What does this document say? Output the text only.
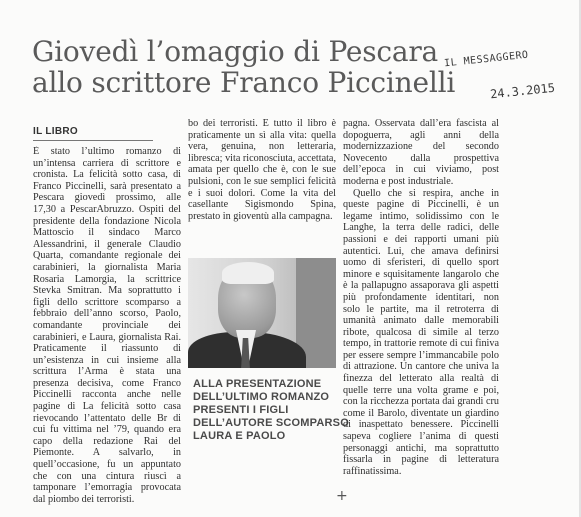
Giovedì l’omaggio di Pescara
allo scrittore Franco Piccinelli
IL MESSAGGERO
24.3.2015
IL LIBRO
È stato l’ultimo romanzo di un’intensa carriera di scrittore e cronista. La felicità sotto casa, di Franco Piccinelli, sarà presentato a Pescara giovedì prossimo, alle 17,30 a PescarAbruzzo. Ospiti del presidente della fondazione Nicola Mattoscio il sindaco Marco Alessandrini, il generale Claudio Quarta, comandante regionale dei carabinieri, la giornalista Maria Rosaria Lamorgia, la scrittrice Stevka Smitran. Ma soprattutto i figli dello scrittore scomparso a febbraio dell’anno scorso, Paolo, comandante provinciale dei carabinieri, e Laura, giornalista Rai. Praticamente il riassunto di un’esistenza in cui insieme alla scrittura l’Arma è stata una presenza decisiva, come Franco Piccinelli racconta anche nelle pagine di La felicità sotto casa rievocando l’attentato delle Br di cui fu vittima nel ’79, quando era capo della redazione Rai del Piemonte. A salvarlo, in quell’occasione, fu un appuntato che con una cintura riuscì a tamponare l’emorragia provocata dal piombo dei terroristi.
bo dei terroristi. E tutto il libro è praticamente un sì alla vita: quella vera, genuina, non letteraria, libresca; vita riconosciuta, accettata, amata per quello che è, con le sue pulsioni, con le sue semplici felicità e i suoi dolori. Come la vita del casellante Sigismondo Spina, prestato in gioventù alla campagna.
ALLA PRESENTAZIONE
DELL’ULTIMO ROMANZO
PRESENTI I FIGLI
DELL’AUTORE SCOMPARSO
LAURA E PAOLO
pagna. Osservata dall’era fascista al dopoguerra, agli anni della modernizzazione del secondo Novecento dalla prospettiva dell’epoca in cui viviamo, post moderna e post industriale.
Quello che si respira, anche in queste pagine di Piccinelli, è un legame intimo, solidissimo con le Langhe, la terra delle radici, delle passioni e dei rapporti umani più autentici. Lui, che amava definirsi uomo di sferisteri, di quello sport minore e squisitamente langarolo che è la pallapugno assaporava gli aspetti più profondamente identitari, non solo le partite, ma il retroterra di umanità animato dalle memorabili ribote, qualcosa di simile al terzo tempo, in trattorie remote di cui finiva per essere sempre l’immancabile polo di attrazione. Un cantore che univa la finezza del letterato alla realtà di quelle terre una volta grame e poi, con la ricchezza portata dai grandi cru come il Barolo, diventate un giardino di inaspettato benessere. Piccinelli sapeva cogliere l’anima di questi personaggi antichi, ma soprattutto fissarla in pagine di letteratura raffinatissima.
+
